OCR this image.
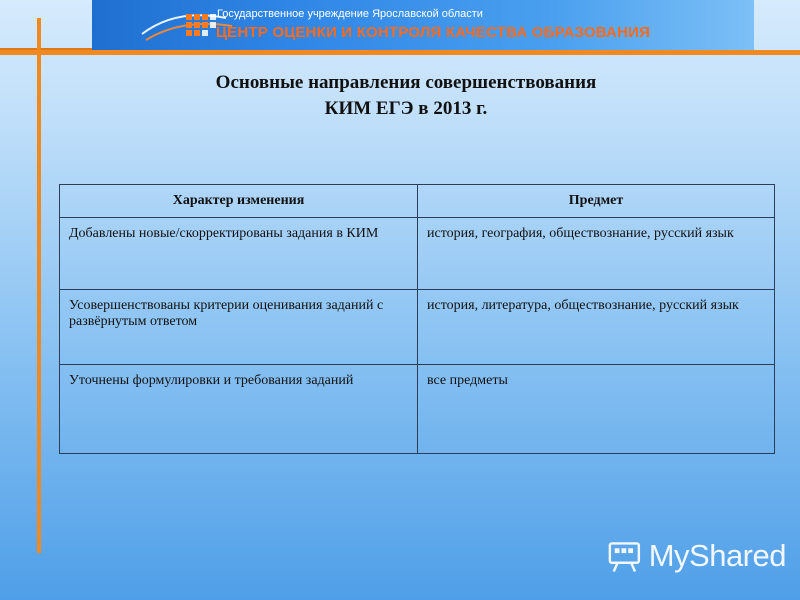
Государственное учреждение Ярославской области
ЦЕНТР ОЦЕНКИ И КОНТРОЛЯ КАЧЕСТВА ОБРАЗОВАНИЯ
Основные направления совершенствования
КИМ ЕГЭ в 2013 г.
Характер изменения	Предмет
Добавлены новые/скорректированы задания в КИМ	история, география, обществознание, русский язык
Усовершенствованы критерии оценивания заданий с развёрнутым ответом	история, литература, обществознание, русский язык
Уточнены формулировки и требования заданий	все предметы
MyShared
